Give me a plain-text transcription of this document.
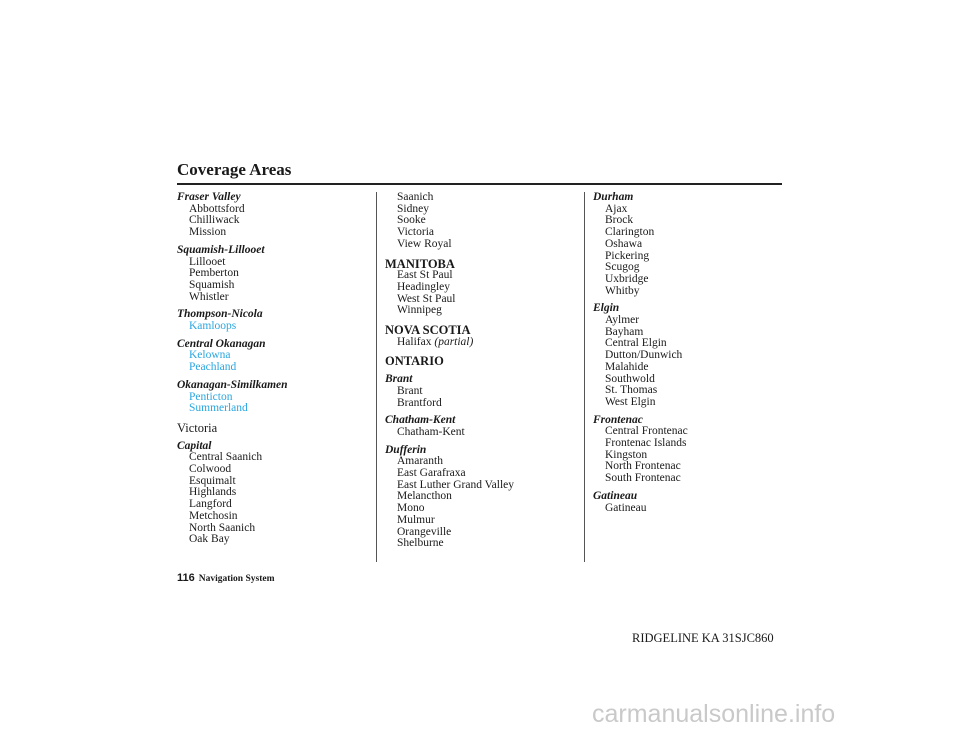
Coverage Areas
Fraser Valley
Abbottsford
Chilliwack
Mission
Squamish-Lillooet
Lillooet
Pemberton
Squamish
Whistler
Thompson-Nicola
Kamloops
Central Okanagan
Kelowna
Peachland
Okanagan-Similkamen
Penticton
Summerland
Victoria
Capital
Central Saanich
Colwood
Esquimalt
Highlands
Langford
Metchosin
North Saanich
Oak Bay
Saanich
Sidney
Sooke
Victoria
View Royal
MANITOBA
East St Paul
Headingley
West St Paul
Winnipeg
NOVA SCOTIA
Halifax (partial)
ONTARIO
Brant
Brant
Brantford
Chatham-Kent
Chatham-Kent
Dufferin
Amaranth
East Garafraxa
East Luther Grand Valley
Melancthon
Mono
Mulmur
Orangeville
Shelburne
Durham
Ajax
Brock
Clarington
Oshawa
Pickering
Scugog
Uxbridge
Whitby
Elgin
Aylmer
Bayham
Central Elgin
Dutton/Dunwich
Malahide
Southwold
St. Thomas
West Elgin
Frontenac
Central Frontenac
Frontenac Islands
Kingston
North Frontenac
South Frontenac
Gatineau
Gatineau
116 Navigation System
RIDGELINE KA 31SJC860
carmanualsonline.info
